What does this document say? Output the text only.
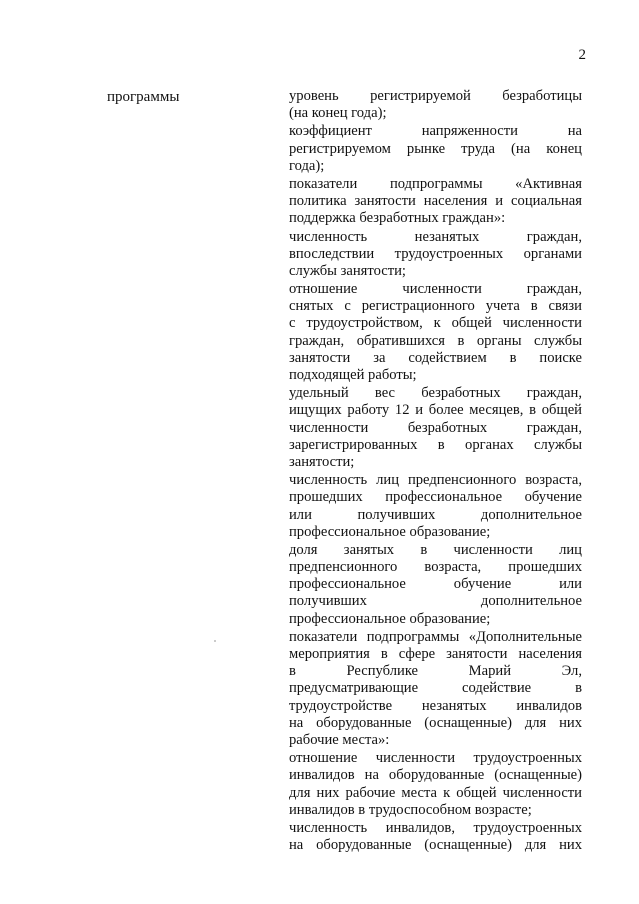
2
программы	уровень регистрируемой безработицы
(на конец года);
коэффициент напряженности на
регистрируемом рынке труда (на конец
года);
показатели подпрограммы «Активная
политика занятости населения и социальная
поддержка безработных граждан»:
численность незанятых граждан,
впоследствии трудоустроенных органами
службы занятости;
отношение численности граждан,
снятых с регистрационного учета в связи
с трудоустройством, к общей численности
граждан, обратившихся в органы службы
занятости за содействием в поиске
подходящей работы;
удельный вес безработных граждан,
ищущих работу 12 и более месяцев, в общей
численности безработных граждан,
зарегистрированных в органах службы
занятости;
численность лиц предпенсионного возраста,
прошедших профессиональное обучение
или получивших дополнительное
профессиональное образование;
доля занятых в численности лиц
предпенсионного возраста, прошедших
профессиональное обучение или
получивших дополнительное
профессиональное образование;
показатели подпрограммы «Дополнительные
мероприятия в сфере занятости населения
в Республике Марий Эл,
предусматривающие содействие в
трудоустройстве незанятых инвалидов
на оборудованные (оснащенные) для них
рабочие места»:
отношение численности трудоустроенных
инвалидов на оборудованные (оснащенные)
для них рабочие места к общей численности
инвалидов в трудоспособном возрасте;
численность инвалидов, трудоустроенных
на оборудованные (оснащенные) для них
